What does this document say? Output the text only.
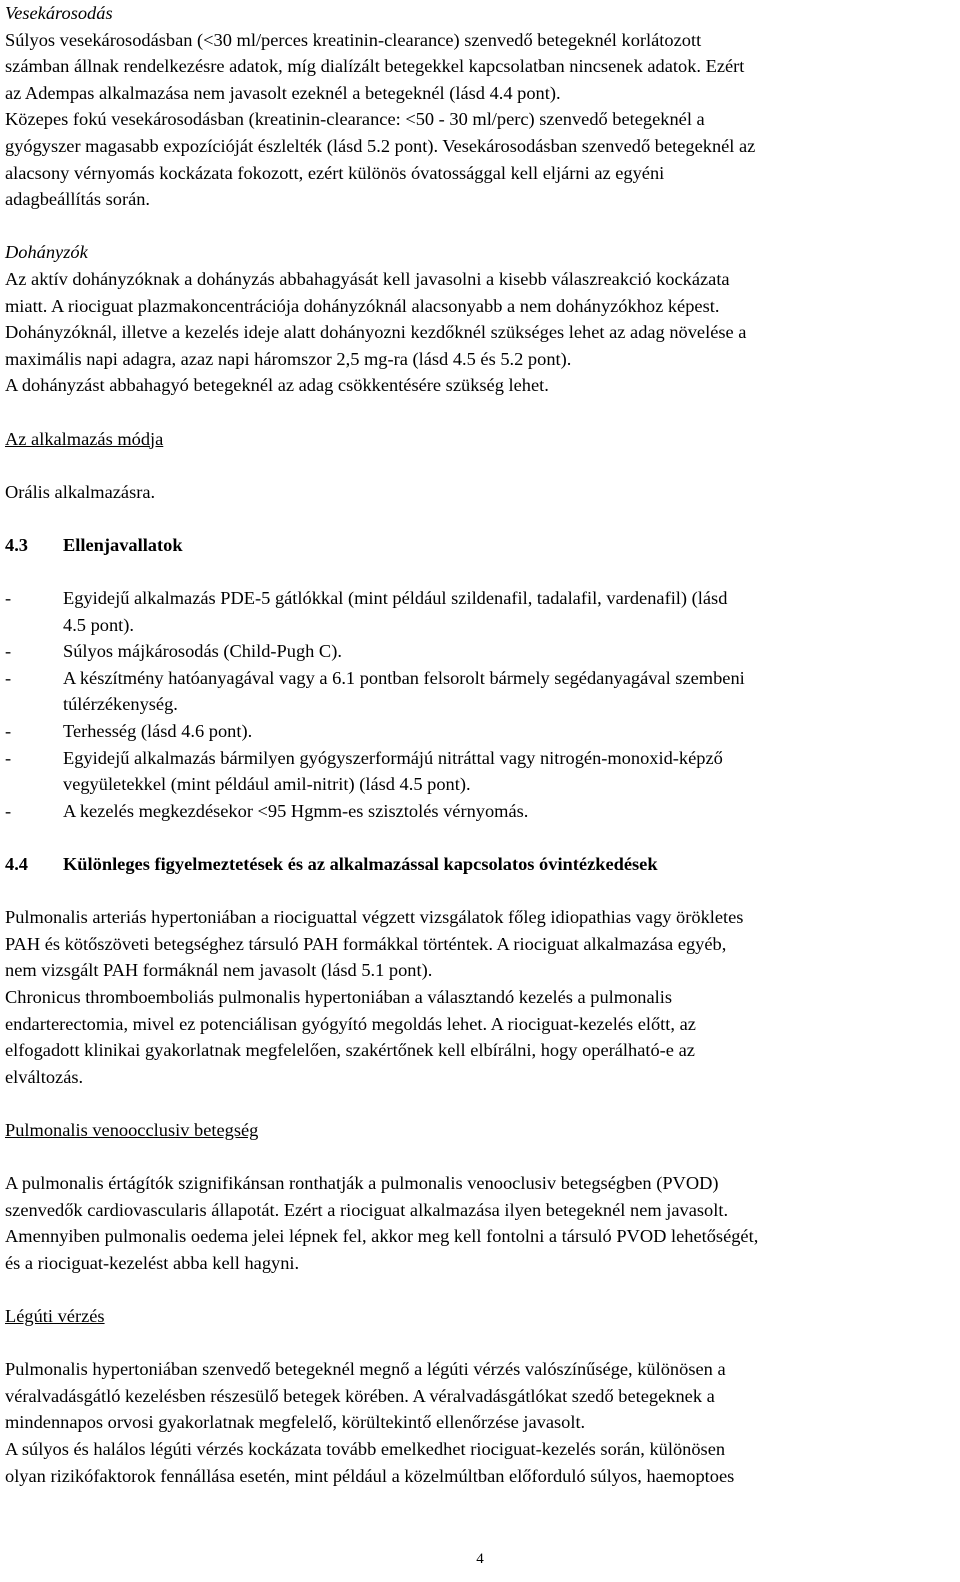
Vesekárosodás

Súlyos vesekárosodásban (<30 ml/perces kreatinin-clearance) szenvedő betegeknél korlátozott

számban állnak rendelkezésre adatok, míg dialízált betegekkel kapcsolatban nincsenek adatok. Ezért

az Adempas alkalmazása nem javasolt ezeknél a betegeknél (lásd 4.4 pont).

Közepes fokú vesekárosodásban (kreatinin-clearance: <50 - 30 ml/perc) szenvedő betegeknél a

gyógyszer magasabb expozícióját észlelték (lásd 5.2 pont). Vesekárosodásban szenvedő betegeknél az

alacsony vérnyomás kockázata fokozott, ezért különös óvatossággal kell eljárni az egyéni

adagbeállítás során.

Dohányzók

Az aktív dohányzóknak a dohányzás abbahagyását kell javasolni a kisebb válaszreakció kockázata

miatt. A riociguat plazmakoncentrációja dohányzóknál alacsonyabb a nem dohányzókhoz képest.

Dohányzóknál, illetve a kezelés ideje alatt dohányozni kezdőknél szükséges lehet az adag növelése a

maximális napi adagra, azaz napi háromszor 2,5 mg-ra (lásd 4.5 és 5.2 pont).

A dohányzást abbahagyó betegeknél az adag csökkentésére szükség lehet.

Az alkalmazás módja

Orális alkalmazásra.

4.3	Ellenjavallatok
-	Egyidejű alkalmazás PDE-5 gátlókkal (mint például szildenafil, tadalafil, vardenafil) (lásd

4.5 pont).

-	Súlyos májkárosodás (Child-Pugh C).

-	A készítmény hatóanyagával vagy a 6.1 pontban felsorolt bármely segédanyagával szembeni

túlérzékenység.

-	Terhesség (lásd 4.6 pont).

-	Egyidejű alkalmazás bármilyen gyógyszerformájú nitráttal vagy nitrogén-monoxid-képző

vegyületekkel (mint például amil-nitrit) (lásd 4.5 pont).

-	A kezelés megkezdésekor <95 Hgmm-es szisztolés vérnyomás.

4.4	Különleges figyelmeztetések és az alkalmazással kapcsolatos óvintézkedések

Pulmonalis arteriás hypertoniában a riociguattal végzett vizsgálatok főleg idiopathias vagy örökletes

PAH és kötőszöveti betegséghez társuló PAH formákkal történtek. A riociguat alkalmazása egyéb,

nem vizsgált PAH formáknál nem javasolt (lásd 5.1 pont).

Chronicus thromboemboliás pulmonalis hypertoniában a választandó kezelés a pulmonalis

endarterectomia, mivel ez potenciálisan gyógyító megoldás lehet. A riociguat-kezelés előtt, az

elfogadott klinikai gyakorlatnak megfelelően, szakértőnek kell elbírálni, hogy operálható-e az

elváltozás.

Pulmonalis venoocclusiv betegség

A pulmonalis értágítók szignifikánsan ronthatják a pulmonalis venooclusiv betegségben (PVOD)

szenvedők cardiovascularis állapotát. Ezért a riociguat alkalmazása ilyen betegeknél nem javasolt.

Amennyiben pulmonalis oedema jelei lépnek fel, akkor meg kell fontolni a társuló PVOD lehetőségét,

és a riociguat-kezelést abba kell hagyni.

Légúti vérzés

Pulmonalis hypertoniában szenvedő betegeknél megnő a légúti vérzés valószínűsége, különösen a

véralvadásgátló kezelésben részesülő betegek körében. A véralvadásgátlókat szedő betegeknek a

mindennapos orvosi gyakorlatnak megfelelő, körültekintő ellenőrzése javasolt.

A súlyos és halálos légúti vérzés kockázata tovább emelkedhet riociguat-kezelés során, különösen

olyan rizikófaktorok fennállása esetén, mint például a közelmúltban előforduló súlyos, haemoptoes

4
